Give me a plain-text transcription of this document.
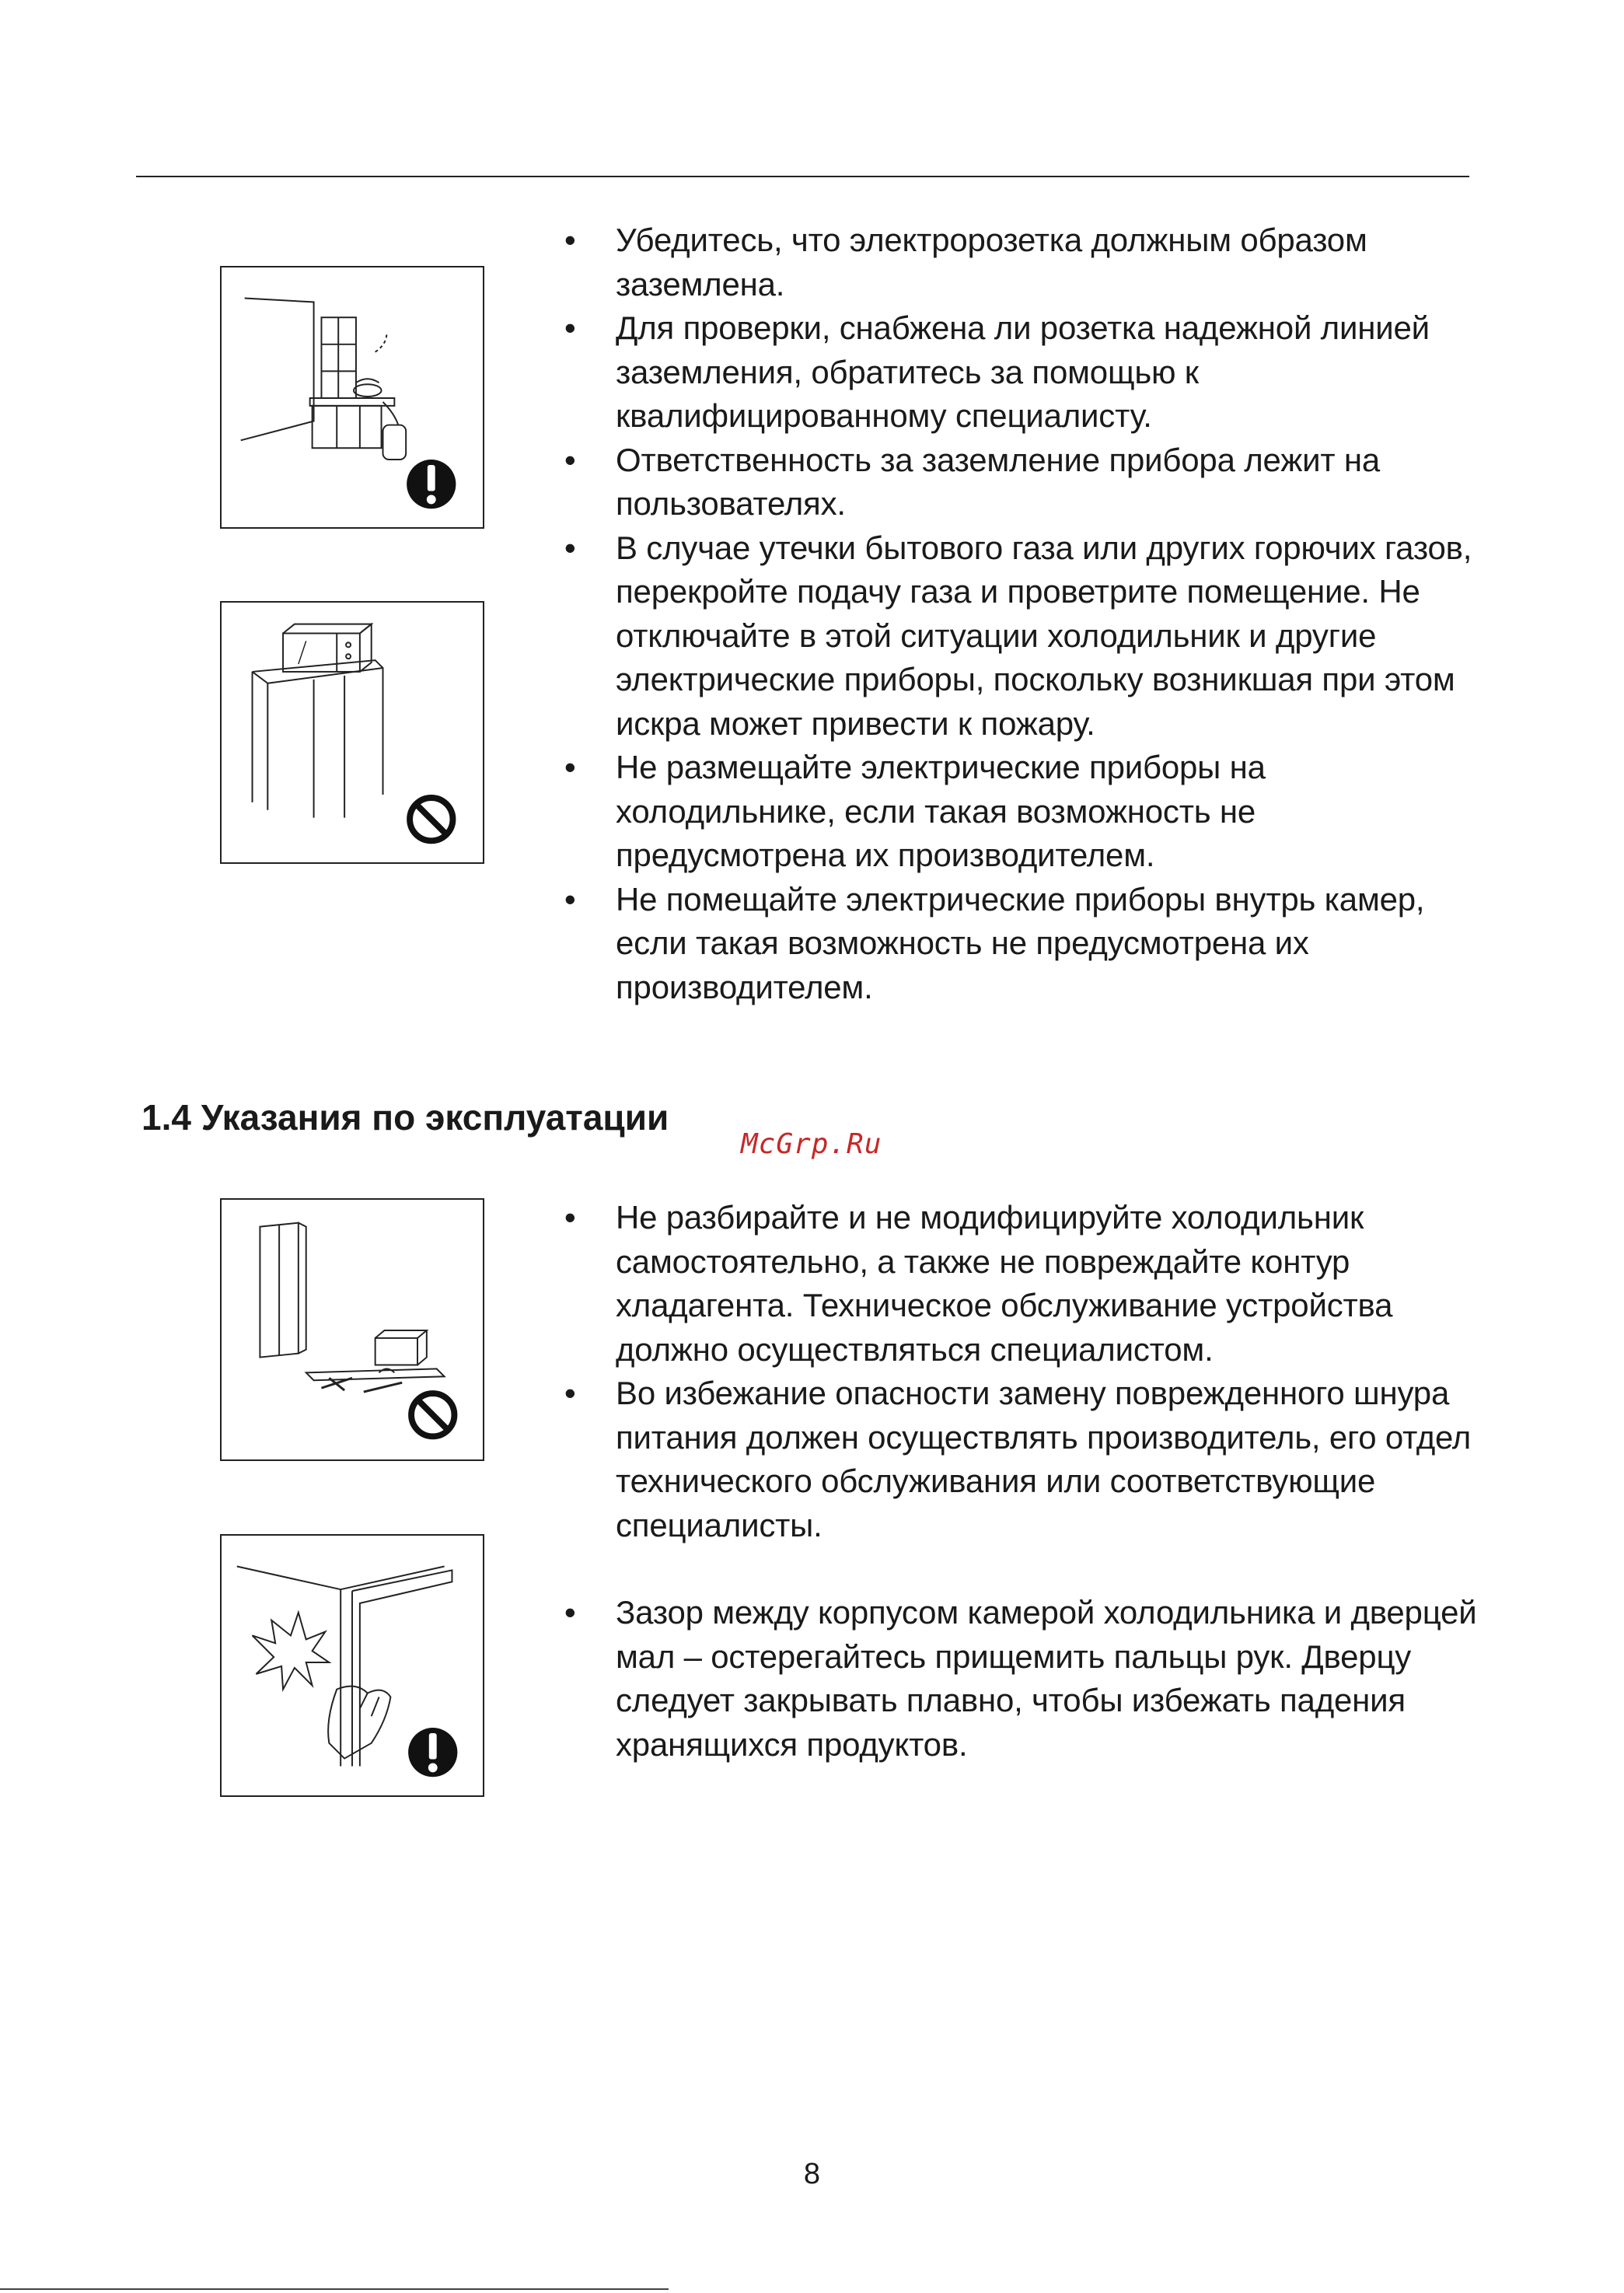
1.4 Указания по эксплуатации
McGrp.Ru
• Убедитесь, что электророзетка должным образом заземлена.
• Для проверки, снабжена ли розетка надежной линией заземления, обратитесь за помощью к квалифицированному специалисту.
• Ответственность за заземление прибора лежит на пользователях.
• В случае утечки бытового газа или других горючих газов, перекройте подачу газа и проветрите помещение. Не отключайте в этой ситуации холодильник и другие электрические приборы, поскольку возникшая при этом искра может привести к пожару.
• Не размещайте электрические приборы на холодильнике, если такая возможность не предусмотрена их производителем.
• Не помещайте электрические приборы внутрь камер, если такая возможность не предусмотрена их производителем.
• Не разбирайте и не модифицируйте холодильник самостоятельно, а также не повреждайте контур хладагента. Техническое обслуживание устройства должно осуществляться специалистом.
• Во избежание опасности замену поврежденного шнура питания должен осуществлять производитель, его отдел технического обслуживания или соответствующие специалисты.
• Зазор между корпусом камерой холодильника и дверцей мал – остерегайтесь прищемить пальцы рук. Дверцу следует закрывать плавно, чтобы избежать падения хранящихся продуктов.
8
